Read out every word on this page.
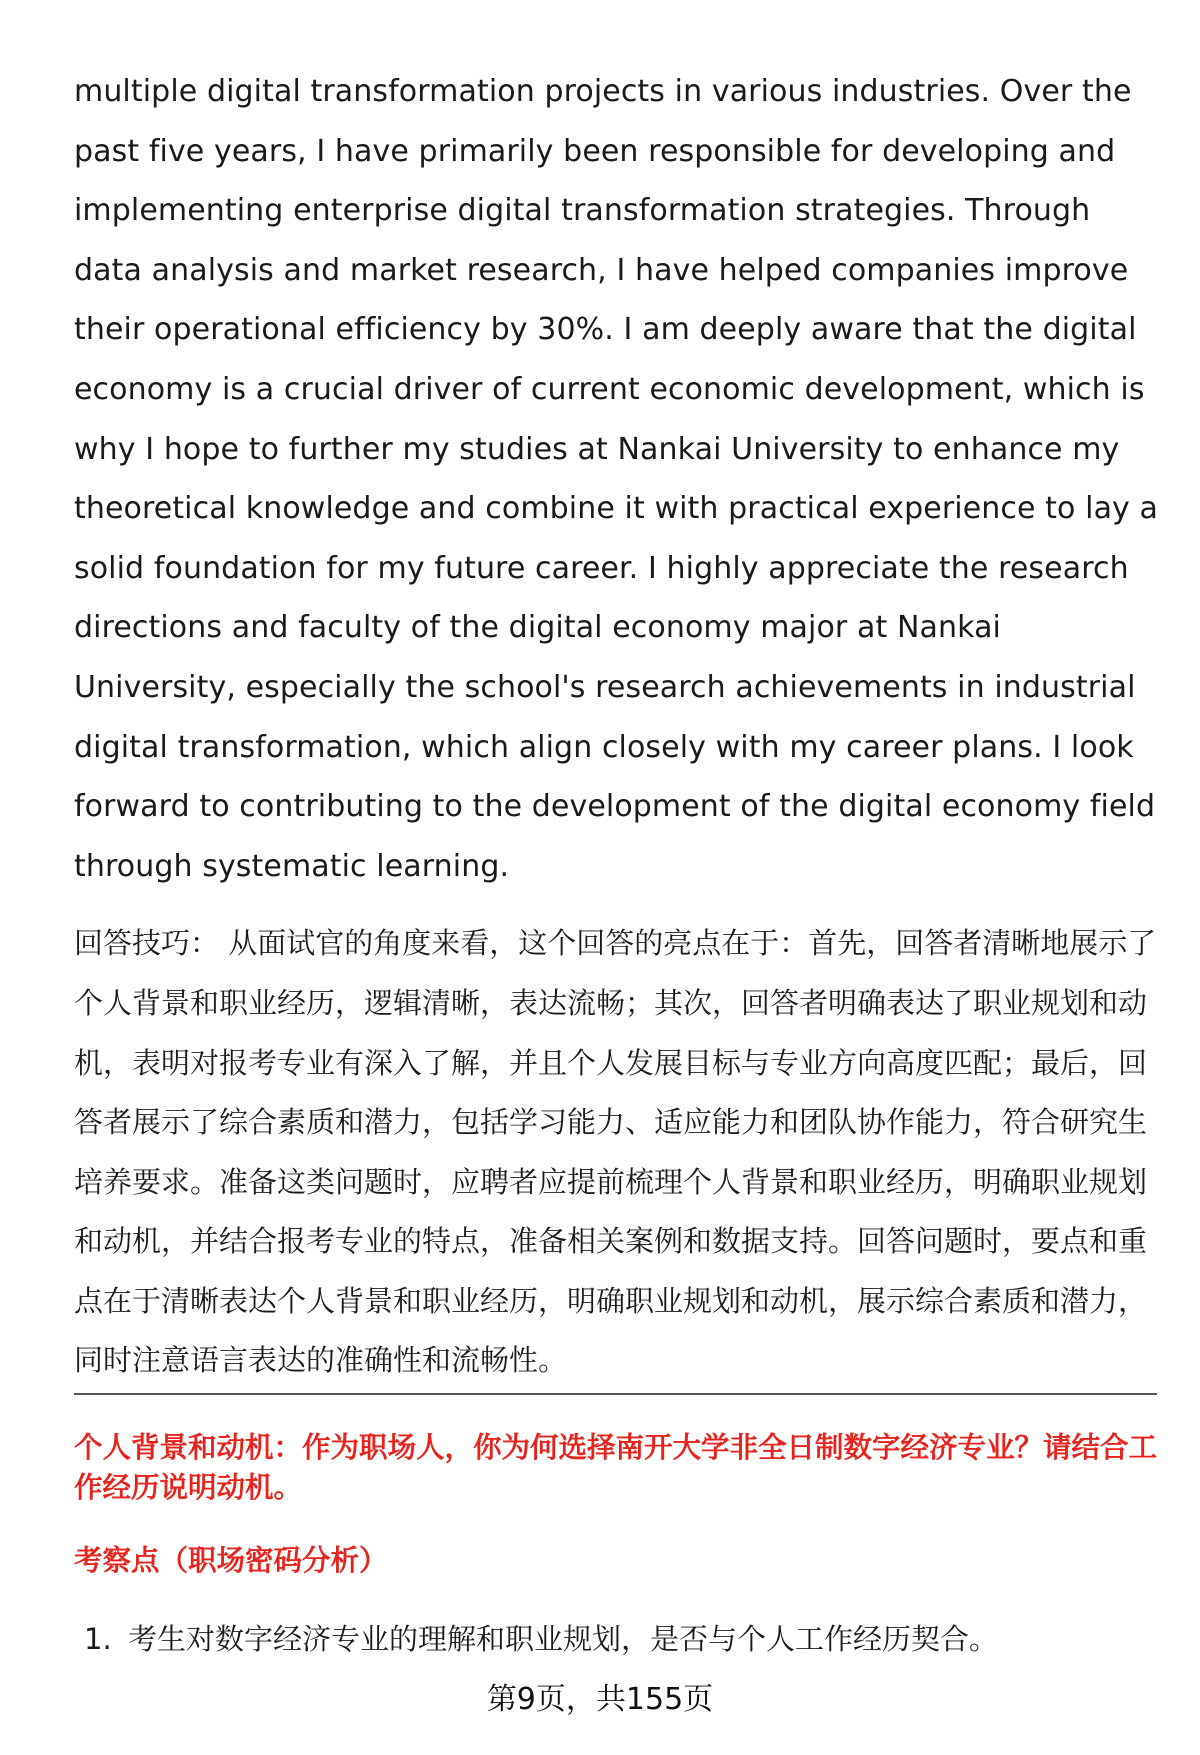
multiple digital transformation projects in various industries. Over the past five years, I have primarily been responsible for developing and implementing enterprise digital transformation strategies. Through data analysis and market research, I have helped companies improve their operational efficiency by 30%. I am deeply aware that the digital economy is a crucial driver of current economic development, which is why I hope to further my studies at Nankai University to enhance my theoretical knowledge and combine it with practical experience to lay a solid foundation for my future career. I highly appreciate the research directions and faculty of the digital economy major at Nankai University, especially the school's research achievements in industrial digital transformation, which align closely with my career plans. I look forward to contributing to the development of the digital economy field through systematic learning.

回答技巧： 从面试官的角度来看，这个回答的亮点在于：首先，回答者清晰地展示了个人背景和职业经历，逻辑清晰，表达流畅；其次，回答者明确表达了职业规划和动机，表明对报考专业有深入了解，并且个人发展目标与专业方向高度匹配；最后，回答者展示了综合素质和潜力，包括学习能力、适应能力和团队协作能力，符合研究生培养要求。准备这类问题时，应聘者应提前梳理个人背景和职业经历，明确职业规划和动机，并结合报考专业的特点，准备相关案例和数据支持。回答问题时，要点和重点在于清晰表达个人背景和职业经历，明确职业规划和动机，展示综合素质和潜力，同时注意语言表达的准确性和流畅性。

个人背景和动机：作为职场人，你为何选择南开大学非全日制数字经济专业？请结合工作经历说明动机。

考察点（职场密码分析）

1. 考生对数字经济专业的理解和职业规划，是否与个人工作经历契合。
第9页，共155页
